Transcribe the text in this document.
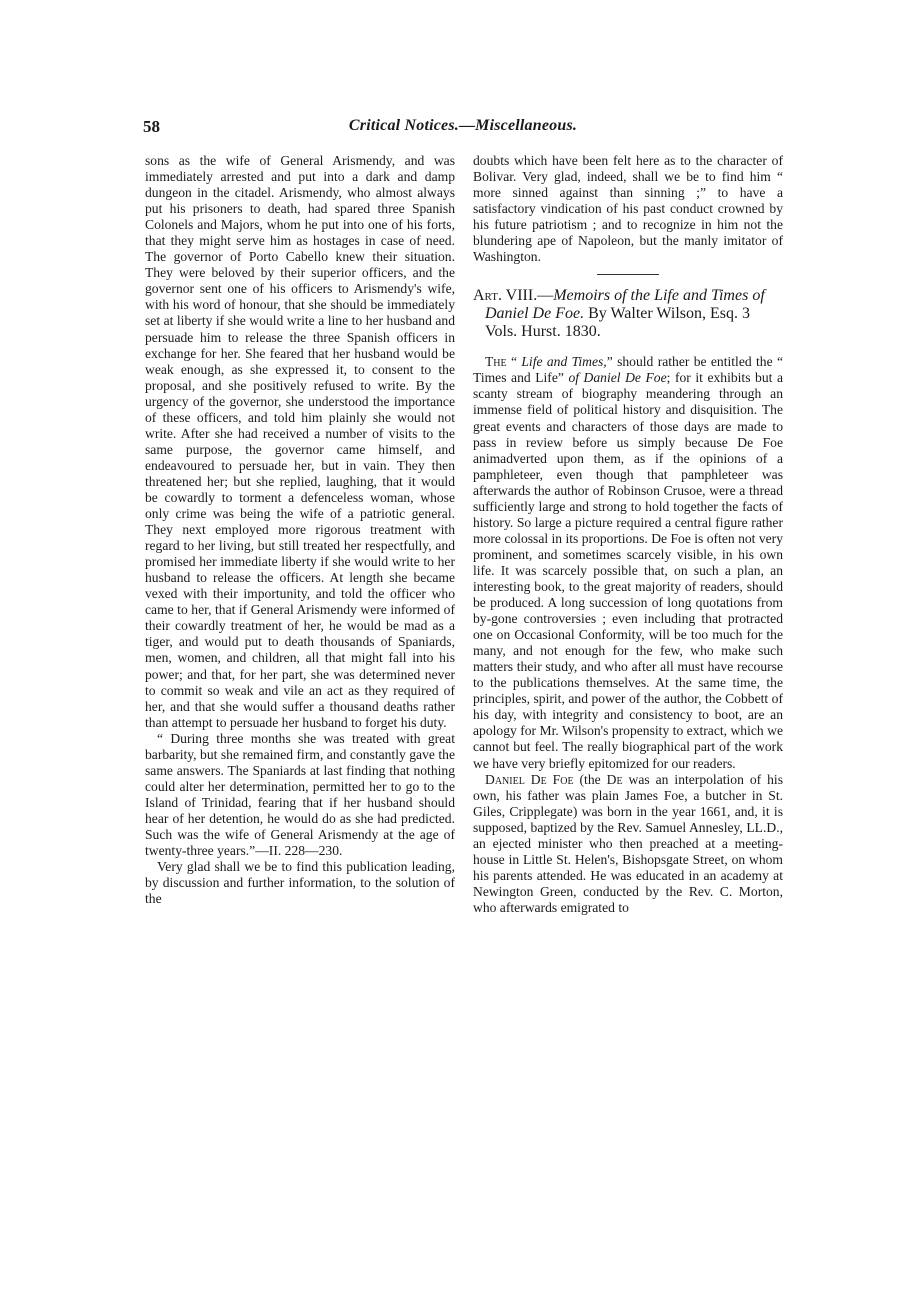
58	Critical Notices.—Miscellaneous.

sons as the wife of General Arismendy, and was immediately arrested and put into a dark and damp dungeon in the citadel. Arismendy, who almost always put his prisoners to death, had spared three Spanish Colonels and Majors, whom he put into one of his forts, that they might serve him as hostages in case of need. The governor of Porto Cabello knew their situation. They were beloved by their superior officers, and the governor sent one of his officers to Arismendy's wife, with his word of honour, that she should be immediately set at liberty if she would write a line to her husband and persuade him to release the three Spanish officers in exchange for her. She feared that her husband would be weak enough, as she expressed it, to consent to the proposal, and she positively refused to write. By the urgency of the governor, she understood the importance of these officers, and told him plainly she would not write. After she had received a number of visits to the same purpose, the governor came himself, and endeavoured to persuade her, but in vain. They then threatened her; but she replied, laughing, that it would be cowardly to torment a defenceless woman, whose only crime was being the wife of a patriotic general. They next employed more rigorous treatment with regard to her living, but still treated her respectfully, and promised her immediate liberty if she would write to her husband to release the officers. At length she became vexed with their importunity, and told the officer who came to her, that if General Arismendy were informed of their cowardly treatment of her, he would be mad as a tiger, and would put to death thousands of Spaniards, men, women, and children, all that might fall into his power; and that, for her part, she was determined never to commit so weak and vile an act as they required of her, and that she would suffer a thousand deaths rather than attempt to persuade her husband to forget his duty.

“ During three months she was treated with great barbarity, but she remained firm, and constantly gave the same answers. The Spaniards at last finding that nothing could alter her determination, permitted her to go to the Island of Trinidad, fearing that if her husband should hear of her detention, he would do as she had predicted. Such was the wife of General Arismendy at the age of twenty-three years.”—II. 228—230.

Very glad shall we be to find this publication leading, by discussion and further information, to the solution of the

doubts which have been felt here as to the character of Bolivar. Very glad, indeed, shall we be to find him “ more sinned against than sinning ;” to have a satisfactory vindication of his past conduct crowned by his future patriotism ; and to recognize in him not the blundering ape of Napoleon, but the manly imitator of Washington.

Art. VIII.—Memoirs of the Life and Times of Daniel De Foe. By Walter Wilson, Esq. 3 Vols. Hurst. 1830.

The “ Life and Times,” should rather be entitled the “ Times and Life” of Daniel De Foe; for it exhibits but a scanty stream of biography meandering through an immense field of political history and disquisition. The great events and characters of those days are made to pass in review before us simply because De Foe animadverted upon them, as if the opinions of a pamphleteer, even though that pamphleteer was afterwards the author of Robinson Crusoe, were a thread sufficiently large and strong to hold together the facts of history. So large a picture required a central figure rather more colossal in its proportions. De Foe is often not very prominent, and sometimes scarcely visible, in his own life. It was scarcely possible that, on such a plan, an interesting book, to the great majority of readers, should be produced. A long succession of long quotations from by-gone controversies ; even including that protracted one on Occasional Conformity, will be too much for the many, and not enough for the few, who make such matters their study, and who after all must have recourse to the publications themselves. At the same time, the principles, spirit, and power of the author, the Cobbett of his day, with integrity and consistency to boot, are an apology for Mr. Wilson's propensity to extract, which we cannot but feel. The really biographical part of the work we have very briefly epitomized for our readers.

Daniel De Foe (the De was an interpolation of his own, his father was plain James Foe, a butcher in St. Giles, Cripplegate) was born in the year 1661, and, it is supposed, baptized by the Rev. Samuel Annesley, LL.D., an ejected minister who then preached at a meeting-house in Little St. Helen's, Bishopsgate Street, on whom his parents attended. He was educated in an academy at Newington Green, conducted by the Rev. C. Morton, who afterwards emigrated to
